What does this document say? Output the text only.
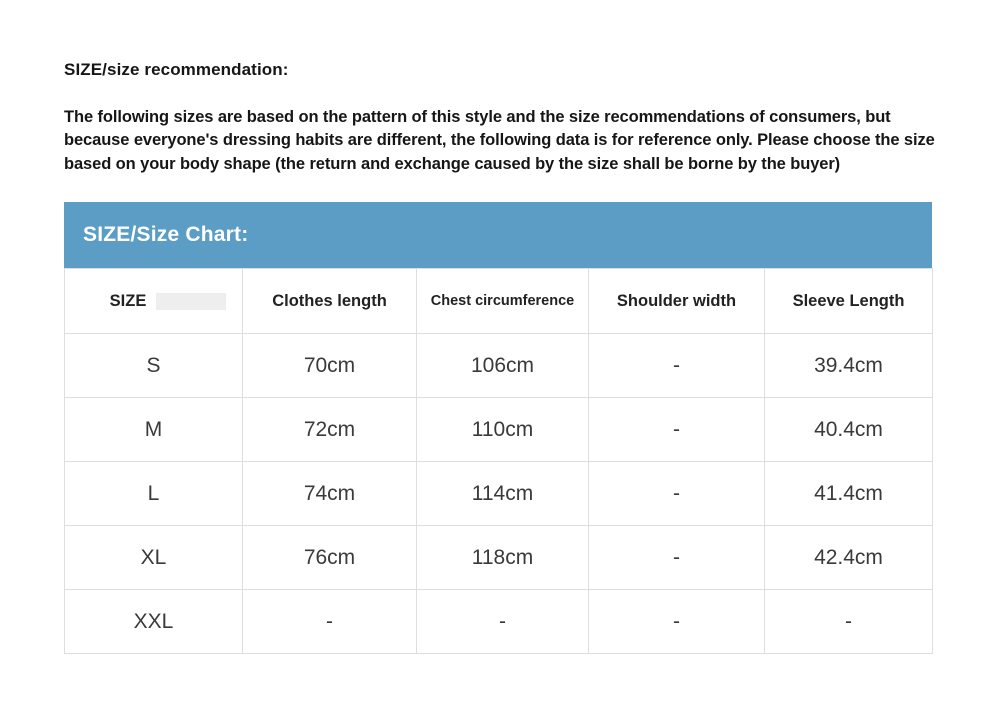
SIZE/size recommendation:
The following sizes are based on the pattern of this style and the size recommendations of consumers, but because everyone's dressing habits are different, the following data is for reference only. Please choose the size based on your body shape (the return and exchange caused by the size shall be borne by the buyer)
SIZE/Size Chart:
SIZE	Clothes length	Chest circumference	Shoulder width	Sleeve Length
S	70cm	106cm	-	39.4cm
M	72cm	110cm	-	40.4cm
L	74cm	114cm	-	41.4cm
XL	76cm	118cm	-	42.4cm
XXL	-	-	-	-
